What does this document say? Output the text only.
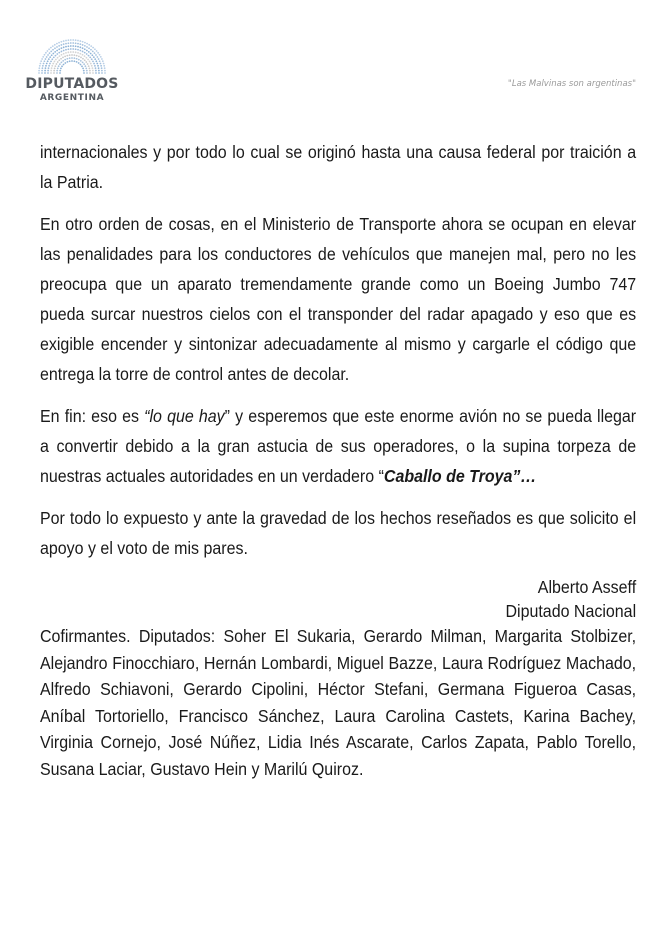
DIPUTADOS
ARGENTINA
"Las Malvinas son argentinas"

internacionales y por todo lo cual se originó hasta una causa federal por traición a la Patria.

En otro orden de cosas, en el Ministerio de Transporte ahora se ocupan en elevar las penalidades para los conductores de vehículos que manejen mal, pero no les preocupa que un aparato tremendamente grande como un Boeing Jumbo 747 pueda surcar nuestros cielos con el transponder del radar apagado y eso que es exigible encender y sintonizar adecuadamente al mismo y cargarle el código que entrega la torre de control antes de decolar.

En fin: eso es “lo que hay” y esperemos que este enorme avión no se pueda llegar a convertir debido a la gran astucia de sus operadores, o la supina torpeza de nuestras actuales autoridades en un verdadero “Caballo de Troya”…

Por todo lo expuesto y ante la gravedad de los hechos reseñados es que solicito el apoyo y el voto de mis pares.

Alberto Asseff
Diputado Nacional
Cofirmantes. Diputados: Soher El Sukaria, Gerardo Milman, Margarita Stolbizer, Alejandro Finocchiaro, Hernán Lombardi, Miguel Bazze, Laura Rodríguez Machado, Alfredo Schiavoni, Gerardo Cipolini, Héctor Stefani, Germana Figueroa Casas, Aníbal Tortoriello, Francisco Sánchez, Laura Carolina Castets, Karina Bachey, Virginia Cornejo, José Núñez, Lidia Inés Ascarate, Carlos Zapata, Pablo Torello, Susana Laciar, Gustavo Hein y Marilú Quiroz.
